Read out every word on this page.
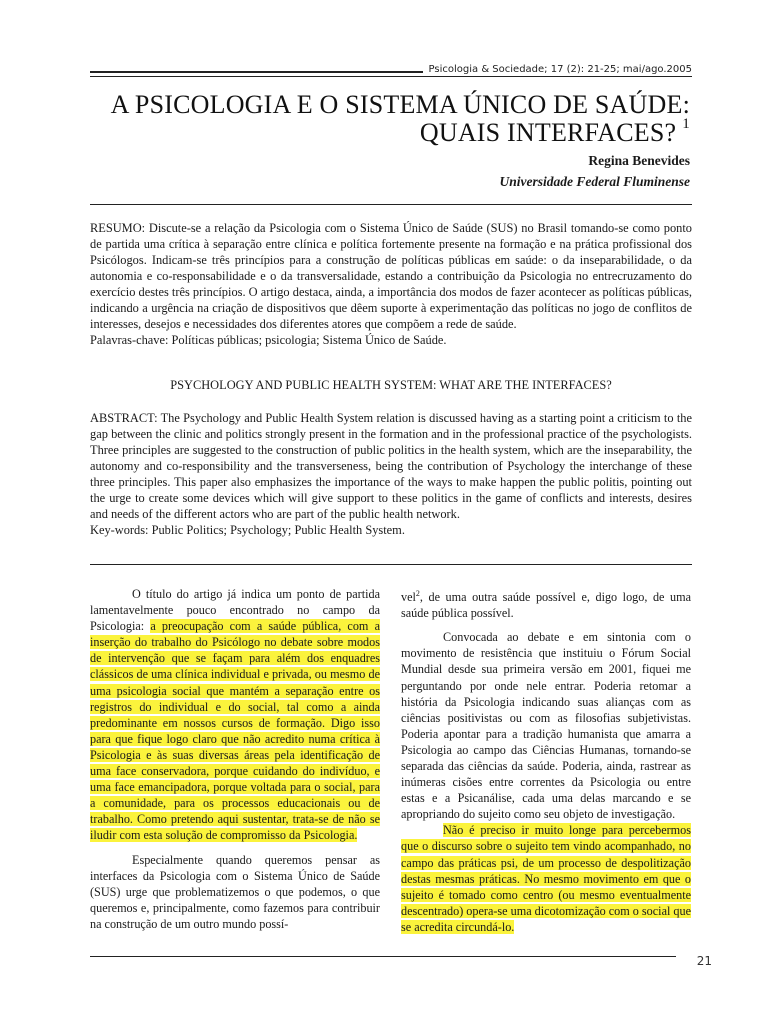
Psicologia & Sociedade; 17 (2): 21-25; mai/ago.2005
A PSICOLOGIA E O SISTEMA ÚNICO DE SAÚDE:
QUAIS INTERFACES? $^1$
Regina Benevides
Universidade Federal Fluminense

RESUMO: Discute-se a relação da Psicologia com o Sistema Único de Saúde (SUS) no Brasil tomando-se como ponto de partida uma crítica à separação entre clínica e política fortemente presente na formação e na prática profissional dos Psicólogos. Indicam-se três princípios para a construção de políticas públicas em saúde: o da inseparabilidade, o da autonomia e co-responsabilidade e o da transversalidade, estando a contribuição da Psicologia no entrecruzamento do exercício destes três princípios. O artigo destaca, ainda, a importância dos modos de fazer acontecer as políticas públicas, indicando a urgência na criação de dispositivos que dêem suporte à experimentação das políticas no jogo de conflitos de interesses, desejos e necessidades dos diferentes atores que compõem a rede de saúde.

Palavras-chave: Políticas públicas; psicologia; Sistema Único de Saúde.

PSYCHOLOGY AND PUBLIC HEALTH SYSTEM: WHAT ARE THE INTERFACES?

ABSTRACT: The Psychology and Public Health System relation is discussed having as a starting point a criticism to the gap between the clinic and politics strongly present in the formation and in the professional practice of the psychologists. Three principles are suggested to the construction of public politics in the health system, which are the inseparability, the autonomy and co-responsibility and the transverseness, being the contribution of Psychology the interchange of these three principles. This paper also emphasizes the importance of the ways to make happen the public politis, pointing out the urge to create some devices which will give support to these politics in the game of conflicts and interests, desires and needs of the different actors who are part of the public health network.

Key-words: Public Politics; Psychology; Public Health System.

O título do artigo já indica um ponto de partida lamentavelmente pouco encontrado no campo da Psicologia: a preocupação com a saúde pública, com a inserção do trabalho do Psicólogo no debate sobre modos de intervenção que se façam para além dos enquadres clássicos de uma clínica individual e privada, ou mesmo de uma psicologia social que mantém a separação entre os registros do individual e do social, tal como a ainda predominante em nossos cursos de formação. Digo isso para que fique logo claro que não acredito numa crítica à Psicologia e às suas diversas áreas pela identificação de uma face conservadora, porque cuidando do indivíduo, e uma face emancipadora, porque voltada para o social, para a comunidade, para os processos educacionais ou de trabalho. Como pretendo aqui sustentar, trata-se de não se iludir com esta solução de compromisso da Psicologia.

Especialmente quando queremos pensar as interfaces da Psicologia com o Sistema Único de Saúde (SUS) urge que problematizemos o que podemos, o que queremos e, principalmente, como fazemos para contribuir na construção de um outro mundo possí-

vel$^2$, de uma outra saúde possível e, digo logo, de uma saúde pública possível.

Convocada ao debate e em sintonia com o movimento de resistência que instituiu o Fórum Social Mundial desde sua primeira versão em 2001, fiquei me perguntando por onde nele entrar. Poderia retomar a história da Psicologia indicando suas alianças com as ciências positivistas ou com as filosofias subjetivistas. Poderia apontar para a tradição humanista que amarra a Psicologia ao campo das Ciências Humanas, tornando-se separada das ciências da saúde. Poderia, ainda, rastrear as inúmeras cisões entre correntes da Psicologia ou entre estas e a Psicanálise, cada uma delas marcando e se apropriando do sujeito como seu objeto de investigação.

Não é preciso ir muito longe para percebermos que o discurso sobre o sujeito tem vindo acompanhado, no campo das práticas psi, de um processo de despolitização destas mesmas práticas. No mesmo movimento em que o sujeito é tomado como centro (ou mesmo eventualmente descentrado) opera-se uma dicotomização com o social que se acredita circundá-lo.

21
